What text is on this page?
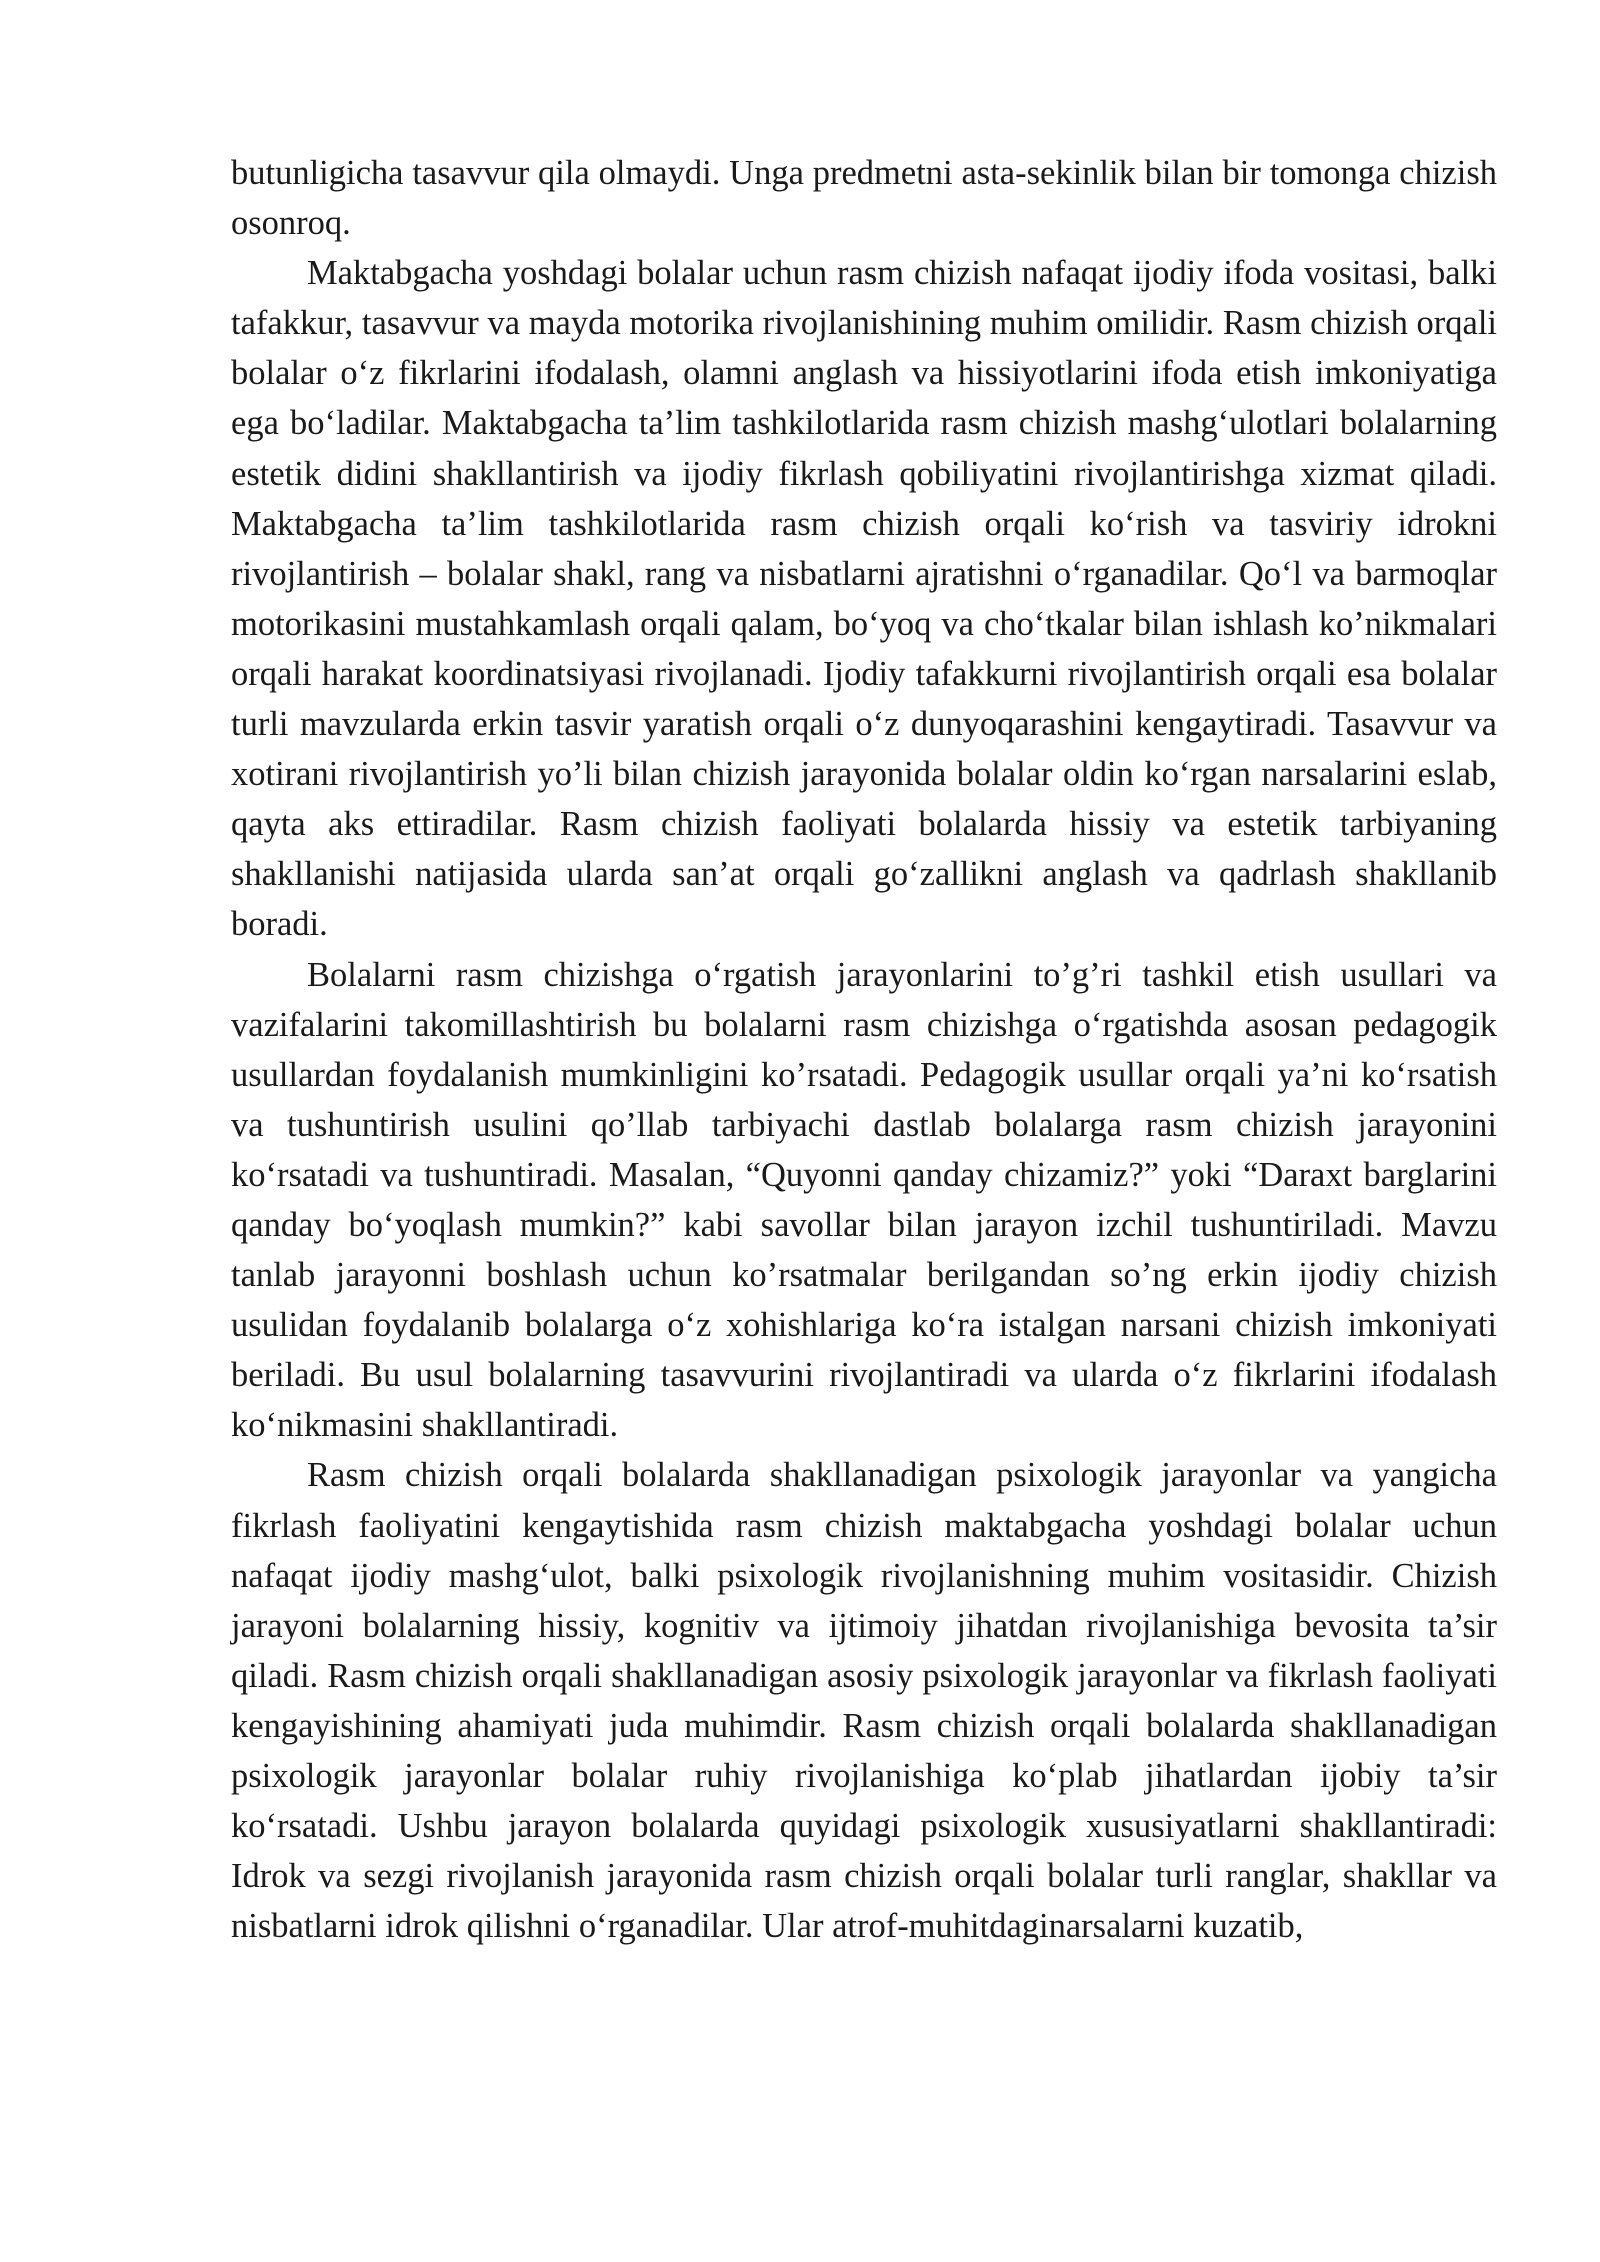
butunligicha tasavvur qila olmaydi. Unga predmetni asta-sekinlik bilan bir tomonga chizish osonroq.

Maktabgacha yoshdagi bolalar uchun rasm chizish nafaqat ijodiy ifoda vositasi, balki tafakkur, tasavvur va mayda motorika rivojlanishining muhim omilidir. Rasm chizish orqali bolalar o‘z fikrlarini ifodalash, olamni anglash va hissiyotlarini ifoda etish imkoniyatiga ega bo‘ladilar. Maktabgacha ta’lim tashkilotlarida rasm chizish mashg‘ulotlari bolalarning estetik didini shakllantirish va ijodiy fikrlash qobiliyatini rivojlantirishga xizmat qiladi. Maktabgacha ta’lim tashkilotlarida rasm chizish orqali ko‘rish va tasviriy idrokni rivojlantirish – bolalar shakl, rang va nisbatlarni ajratishni o‘rganadilar. Qo‘l va barmoqlar motorikasini mustahkamlash orqali qalam, bo‘yoq va cho‘tkalar bilan ishlash ko’nikmalari orqali harakat koordinatsiyasi rivojlanadi. Ijodiy tafakkurni rivojlantirish orqali esa bolalar turli mavzularda erkin tasvir yaratish orqali o‘z dunyoqarashini kengaytiradi. Tasavvur va xotirani rivojlantirish yo’li bilan chizish jarayonida bolalar oldin ko‘rgan narsalarini eslab, qayta aks ettiradilar. Rasm chizish faoliyati bolalarda hissiy va estetik tarbiyaning shakllanishi natijasida ularda san’at orqali go‘zallikni anglash va qadrlash shakllanib boradi.

Bolalarni rasm chizishga o‘rgatish jarayonlarini to’g’ri tashkil etish usullari va vazifalarini takomillashtirish bu bolalarni rasm chizishga o‘rgatishda asosan pedagogik usullardan foydalanish mumkinligini ko’rsatadi. Pedagogik usullar orqali ya’ni ko‘rsatish va tushuntirish usulini qo’llab tarbiyachi dastlab bolalarga rasm chizish jarayonini ko‘rsatadi va tushuntiradi. Masalan, “Quyonni qanday chizamiz?” yoki “Daraxt barglarini qanday bo‘yoqlash mumkin?” kabi savollar bilan jarayon izchil tushuntiriladi. Mavzu tanlab jarayonni boshlash uchun ko’rsatmalar berilgandan so’ng erkin ijodiy chizish usulidan foydalanib bolalarga o‘z xohishlariga ko‘ra istalgan narsani chizish imkoniyati beriladi. Bu usul bolalarning tasavvurini rivojlantiradi va ularda o‘z fikrlarini ifodalash ko‘nikmasini shakllantiradi.

Rasm chizish orqali bolalarda shakllanadigan psixologik jarayonlar va yangicha fikrlash faoliyatini kengaytishida rasm chizish maktabgacha yoshdagi bolalar uchun nafaqat ijodiy mashg‘ulot, balki psixologik rivojlanishning muhim vositasidir. Chizish jarayoni bolalarning hissiy, kognitiv va ijtimoiy jihatdan rivojlanishiga bevosita ta’sir qiladi. Rasm chizish orqali shakllanadigan asosiy psixologik jarayonlar va fikrlash faoliyati kengayishining ahamiyati juda muhimdir. Rasm chizish orqali bolalarda shakllanadigan psixologik jarayonlar bolalar ruhiy rivojlanishiga ko‘plab jihatlardan ijobiy ta’sir ko‘rsatadi. Ushbu jarayon bolalarda quyidagi psixologik xususiyatlarni shakllantiradi: Idrok va sezgi rivojlanish jarayonida rasm chizish orqali bolalar turli ranglar, shakllar va nisbatlarni idrok qilishni o‘rganadilar. Ular atrof-muhitdaginarsalarni kuzatib,
